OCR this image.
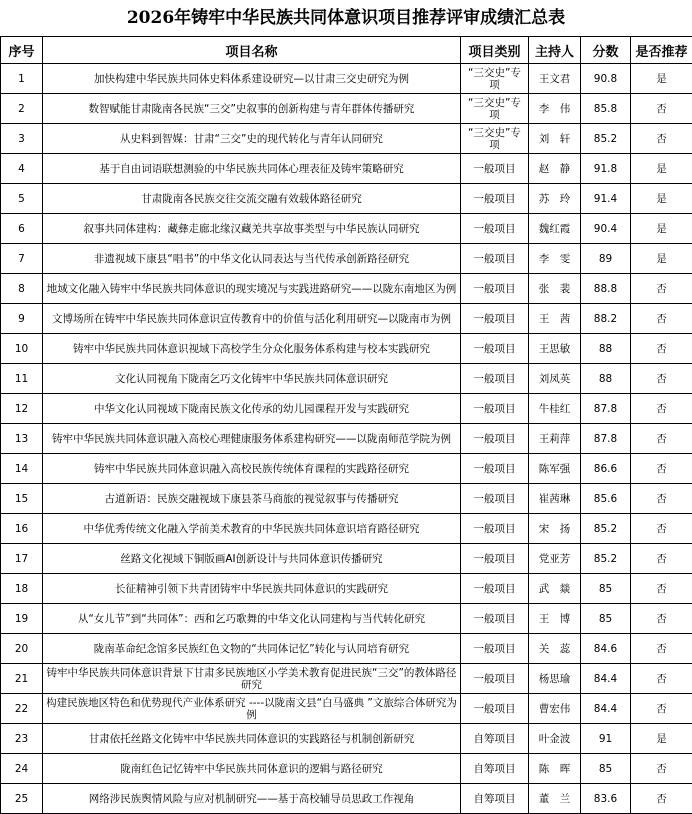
2026年铸牢中华民族共同体意识项目推荐评审成绩汇总表
序号	项目名称	项目类别	主持人	分数	是否推荐
1	加快构建中华民族共同体史料体系建设研究—以甘肃三交史研究为例	“三交史”专项	王文君	90.8	是
2	数智赋能甘肃陇南各民族“三交”史叙事的创新构建与青年群体传播研究	“三交史”专项	李　伟	85.8	否
3	从史料到智媒：甘肃“三交”史的现代转化与青年认同研究	“三交史”专项	刘　轩	85.2	否
4	基于自由词语联想测验的中华民族共同体心理表征及铸牢策略研究	一般项目	赵　静	91.8	是
5	甘肃陇南各民族交往交流交融有效载体路径研究	一般项目	苏　玲	91.4	是
6	叙事共同体建构：藏彝走廊北缘汉藏羌共享故事类型与中华民族认同研究	一般项目	魏红霞	90.4	是
7	非遗视域下康县“唱书”的中华文化认同表达与当代传承创新路径研究	一般项目	李　雯	89	是
8	地域文化融入铸牢中华民族共同体意识的现实境况与实践进路研究——以陇东南地区为例	一般项目	张　裴	88.8	否
9	文博场所在铸牢中华民族共同体意识宣传教育中的价值与活化利用研究—以陇南市为例	一般项目	王　茜	88.2	否
10	铸牢中华民族共同体意识视域下高校学生分众化服务体系构建与校本实践研究	一般项目	王思敏	88	否
11	文化认同视角下陇南乞巧文化铸牢中华民族共同体意识研究	一般项目	刘凤英	88	否
12	中华文化认同视域下陇南民族文化传承的幼儿园课程开发与实践研究	一般项目	牛桂红	87.8	否
13	铸牢中华民族共同体意识融入高校心理健康服务体系建构研究——以陇南师范学院为例	一般项目	王莉萍	87.8	否
14	铸牢中华民族共同体意识融入高校民族传统体育课程的实践路径研究	一般项目	陈军强	86.6	否
15	古道新语：民族交融视域下康县茶马商旅的视觉叙事与传播研究	一般项目	崔茜琳	85.6	否
16	中华优秀传统文化融入学前美术教育的中华民族共同体意识培育路径研究	一般项目	宋　扬	85.2	否
17	丝路文化视域下铜版画AI创新设计与共同体意识传播研究	一般项目	党亚芳	85.2	否
18	长征精神引领下共青团铸牢中华民族共同体意识的实践研究	一般项目	武　燚	85	否
19	从“女儿节”到“共同体”：西和乞巧歌舞的中华文化认同建构与当代转化研究	一般项目	王　博	85	否
20	陇南革命纪念馆多民族红色文物的“共同体记忆”转化与认同培育研究	一般项目	关　蕊	84.6	否
21	铸牢中华民族共同体意识背景下甘肃多民族地区小学美术教育促进民族“三交”的教体路径研究	一般项目	杨思瑜	84.4	否
22	构建民族地区特色和优势现代产业体系研究 ----以陇南文县“白马盛典 ”文旅综合体研究为例	一般项目	曹宏伟	84.4	否
23	甘肃依托丝路文化铸牢中华民族共同体意识的实践路径与机制创新研究	自筹项目	叶金波	91	是
24	陇南红色记忆铸牢中华民族共同体意识的逻辑与路径研究	自筹项目	陈　晖	85	否
25	网络涉民族舆情风险与应对机制研究——基于高校辅导员思政工作视角	自筹项目	董　兰	83.6	否
